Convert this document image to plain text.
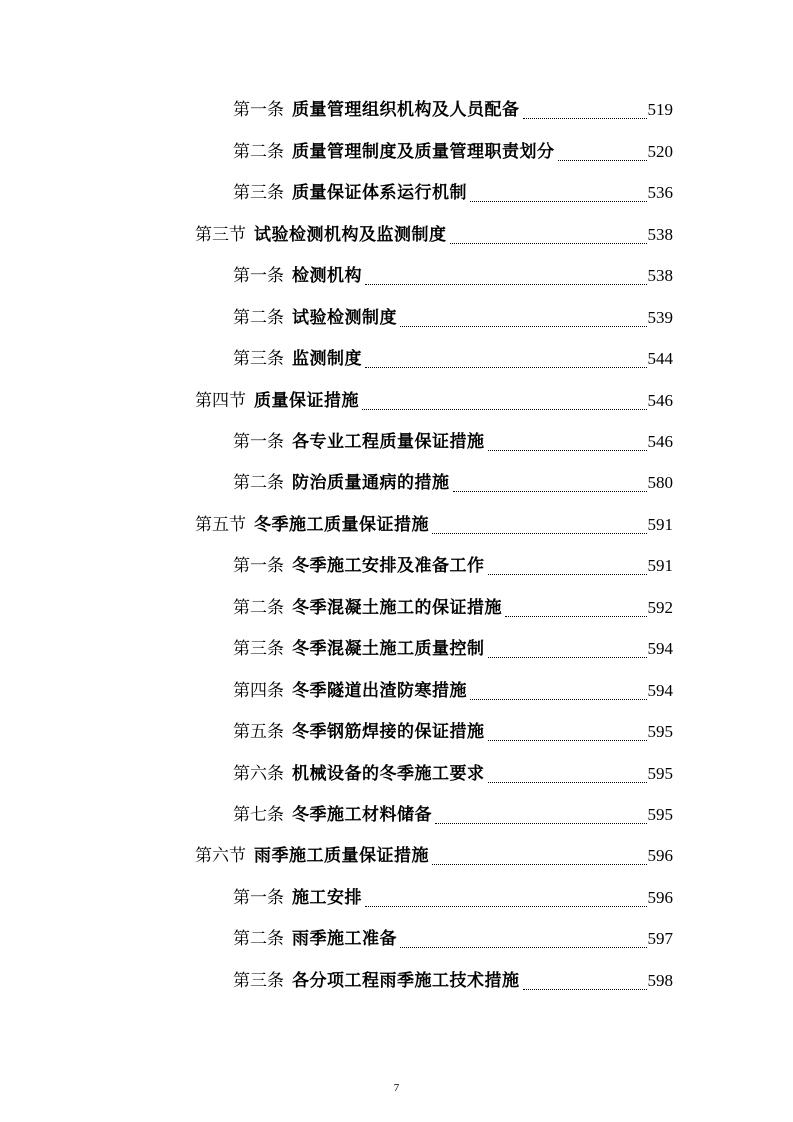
第一条 质量管理组织机构及人员配备	519
第二条 质量管理制度及质量管理职责划分	520
第三条 质量保证体系运行机制	536
第三节 试验检测机构及监测制度	538
第一条 检测机构	538
第二条 试验检测制度	539
第三条 监测制度	544
第四节 质量保证措施	546
第一条 各专业工程质量保证措施	546
第二条 防治质量通病的措施	580
第五节 冬季施工质量保证措施	591
第一条 冬季施工安排及准备工作	591
第二条 冬季混凝土施工的保证措施	592
第三条 冬季混凝土施工质量控制	594
第四条 冬季隧道出渣防寒措施	594
第五条 冬季钢筋焊接的保证措施	595
第六条 机械设备的冬季施工要求	595
第七条 冬季施工材料储备	595
第六节 雨季施工质量保证措施	596
第一条 施工安排	596
第二条 雨季施工准备	597
第三条 各分项工程雨季施工技术措施	598
7
